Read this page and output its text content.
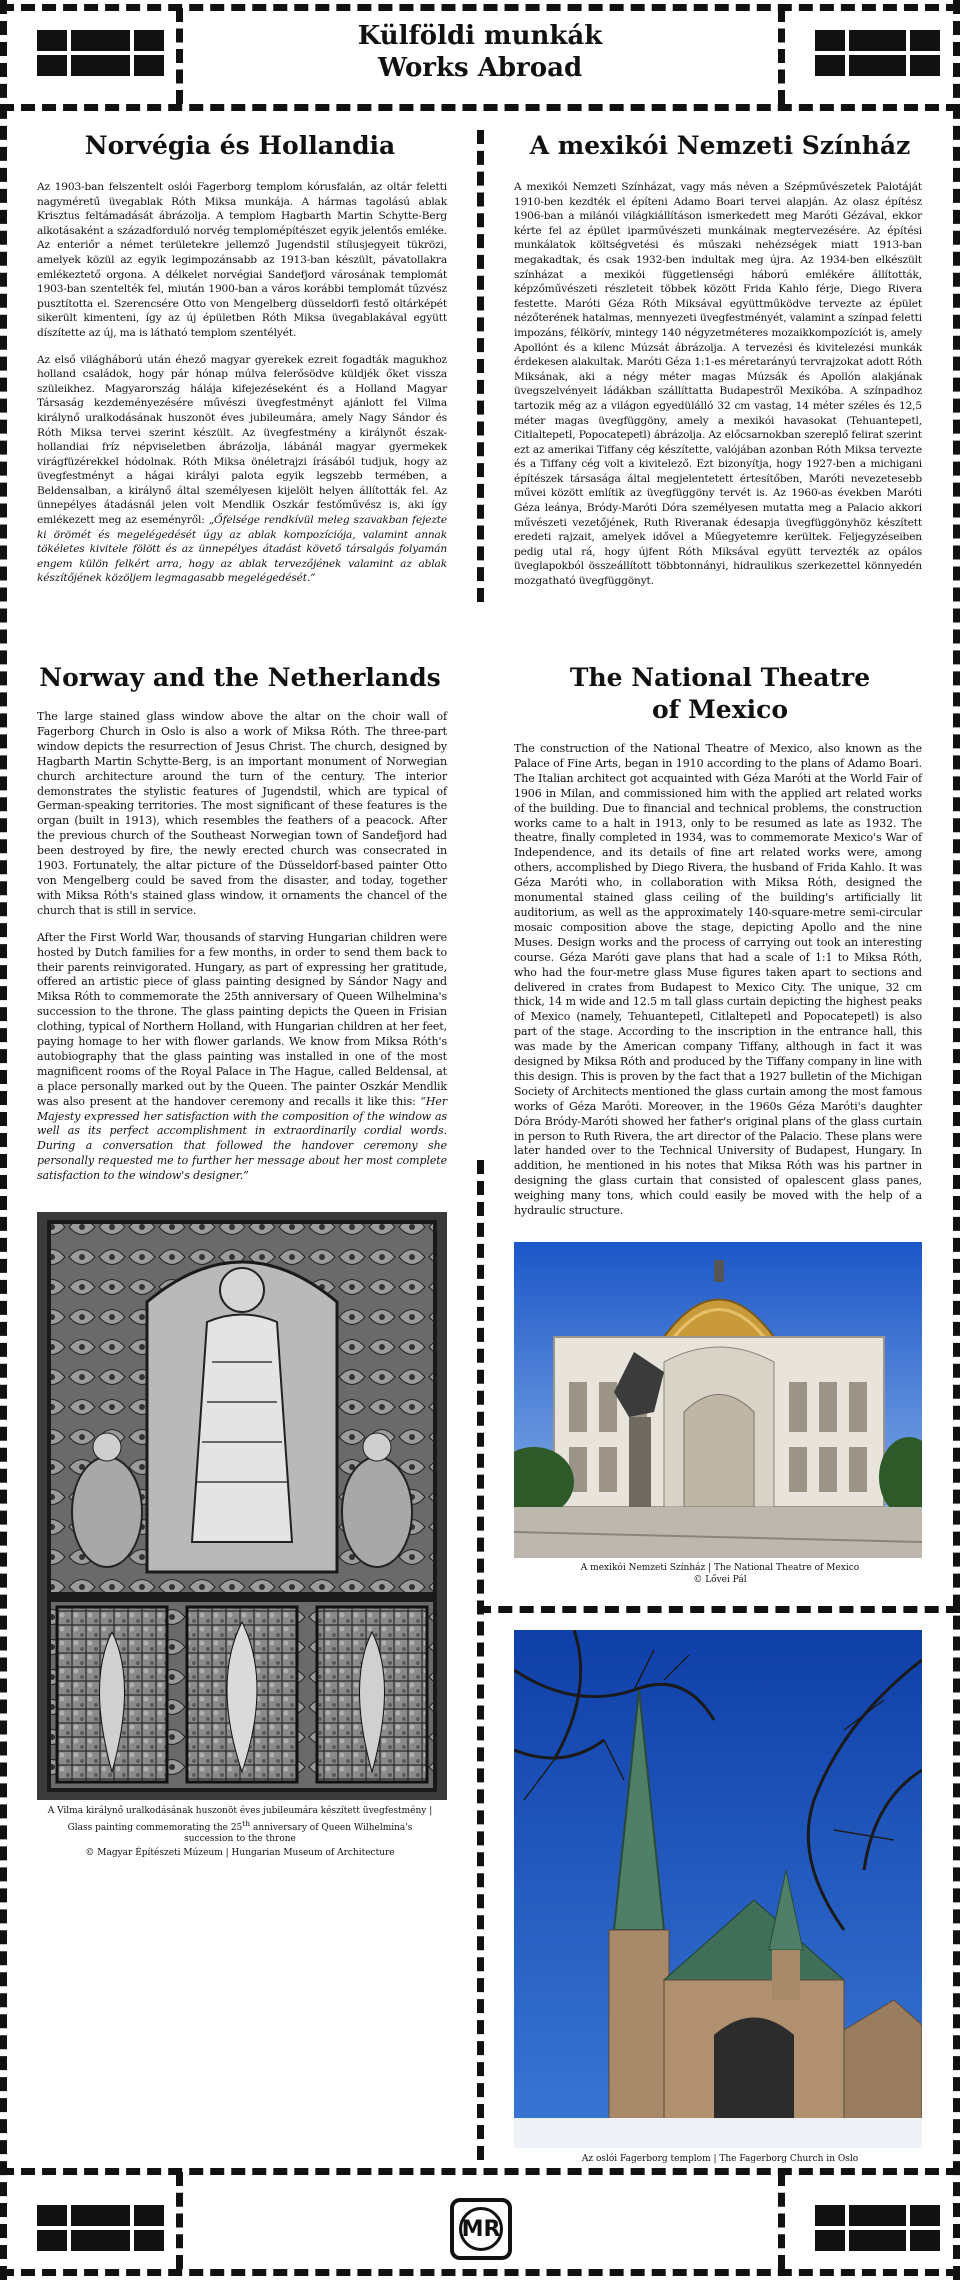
Külföldi munkák
Works Abroad
Norvégia és Hollandia

Az 1903-ban felszentelt oslói Fagerborg templom kórusfalán, az oltár feletti nagyméretű üvegablak Róth Miksa munkája. A hármas tagolású ablak Krisztus feltámadását ábrázolja. A templom Hagbarth Martin Schytte-Berg alkotásaként a századforduló norvég templomépítészet egyik jelentős emléke. Az enteriőr a német területekre jellemző Jugendstil stílusjegyeit tükrözi, amelyek közül az egyik legimpozánsabb az 1913-ban készült, pávatollakra emlékeztető orgona. A délkelet norvégiai Sandefjord városának templomát 1903-ban szentelték fel, miután 1900-ban a város korábbi templomát tűzvész pusztította el. Szerencsére Otto von Mengelberg düsseldorfi festő oltárképét sikerült kimenteni, így az új épületben Róth Miksa üvegablakával együtt díszítette az új, ma is látható templom szentélyét.

Az első világháború után éhező magyar gyerekek ezreit fogadták magukhoz holland családok, hogy pár hónap múlva felerősödve küldjék őket vissza szüleikhez. Magyarország hálája kifejezéseként és a Holland Magyar Társaság kezdeményezésére művészi üvegfestményt ajánlott fel Vilma királynő uralkodásának huszonöt éves jubileumára, amely Nagy Sándor és Róth Miksa tervei szerint készült. Az üvegfestmény a királynőt észak-hollandiai fríz népviseletben ábrázolja, lábánál magyar gyermekek virágfüzérekkel hódolnak. Róth Miksa önéletrajzi írásából tudjuk, hogy az üvegfestményt a hágai királyi palota egyik legszebb termében, a Beldensalban, a királynő által személyesen kijelölt helyen állították fel. Az ünnepélyes átadásnál jelen volt Mendlik Oszkár festőművész is, aki így emlékezett meg az eseményről: „Őfelsége rendkívül meleg szavakban fejezte ki örömét és megelégedését úgy az ablak kompozíciója, valamint annak tökéletes kivitele fölött és az ünnepélyes átadást követő társalgás folyamán engem külön felkért arra, hogy az ablak tervezőjének valamint az ablak készítőjének közöljem legmagasabb megelégedését.”

A mexikói Nemzeti Színház

A mexikói Nemzeti Színházat, vagy más néven a Szépművészetek Palotáját 1910-ben kezdték el építeni Adamo Boari tervei alapján. Az olasz építész 1906-ban a milánói világkiállításon ismerkedett meg Maróti Gézával, ekkor kérte fel az épület iparművészeti munkáinak megtervezésére. Az építési munkálatok költségvetési és műszaki nehézségek miatt 1913-ban megakadtak, és csak 1932-ben indultak meg újra. Az 1934-ben elkészült színházat a mexikói függetlenségi háború emlékére állították, képzőművészeti részleteit többek között Frida Kahlo férje, Diego Rivera festette. Maróti Géza Róth Miksával együttműködve tervezte az épület nézőterének hatalmas, mennyezeti üvegfestményét, valamint a színpad feletti impozáns, félkörív, mintegy 140 négyzetméteres mozaikkompozíciót is, amely Apollónt és a kilenc Múzsát ábrázolja. A tervezési és kivitelezési munkák érdekesen alakultak. Maróti Géza 1:1-es méretarányú tervrajzokat adott Róth Miksának, aki a négy méter magas Múzsák és Apollón alakjának üvegszelvényeit ládákban szállíttatta Budapestről Mexikóba. A színpadhoz tartozik még az a világon egyedülálló 32 cm vastag, 14 méter széles és 12,5 méter magas üvegfüggöny, amely a mexikói havasokat (Tehuantepetl, Citlaltepetl, Popocatepetl) ábrázolja. Az előcsarnokban szereplő felirat szerint ezt az amerikai Tiffany cég készítette, valójában azonban Róth Miksa tervezte és a Tiffany cég volt a kivitelező. Ezt bizonyítja, hogy 1927-ben a michigani építészek társasága által megjelentetett értesítőben, Maróti nevezetesebb művei között említik az üvegfüggöny tervét is. Az 1960-as években Maróti Géza leánya, Bródy-Maróti Dóra személyesen mutatta meg a Palacio akkori művészeti vezetőjének, Ruth Riveranak édesapja üvegfüggönyhöz készített eredeti rajzait, amelyek idővel a Műegyetemre kerültek. Feljegyzéseiben pedig utal rá, hogy újfent Róth Miksával együtt tervezték az opálos üveglapokból összeállított többtonnányi, hidraulikus szerkezettel könnyedén mozgatható üvegfüggönyt.

Norway and the Netherlands

The large stained glass window above the altar on the choir wall of Fagerborg Church in Oslo is also a work of Miksa Róth. The three-part window depicts the resurrection of Jesus Christ. The church, designed by Hagbarth Martin Schytte-Berg, is an important monument of Norwegian church architecture around the turn of the century. The interior demonstrates the stylistic features of Jugendstil, which are typical of German-speaking territories. The most significant of these features is the organ (built in 1913), which resembles the feathers of a peacock. After the previous church of the Southeast Norwegian town of Sandefjord had been destroyed by fire, the newly erected church was consecrated in 1903. Fortunately, the altar picture of the Düsseldorf-based painter Otto von Mengelberg could be saved from the disaster, and today, together with Miksa Róth's stained glass window, it ornaments the chancel of the church that is still in service.

After the First World War, thousands of starving Hungarian children were hosted by Dutch families for a few months, in order to send them back to their parents reinvigorated. Hungary, as part of expressing her gratitude, offered an artistic piece of glass painting designed by Sándor Nagy and Miksa Róth to commemorate the 25th anniversary of Queen Wilhelmina's succession to the throne. The glass painting depicts the Queen in Frisian clothing, typical of Northern Holland, with Hungarian children at her feet, paying homage to her with flower garlands. We know from Miksa Róth's autobiography that the glass painting was installed in one of the most magnificent rooms of the Royal Palace in The Hague, called Beldensal, at a place personally marked out by the Queen. The painter Oszkár Mendlik was also present at the handover ceremony and recalls it like this: “Her Majesty expressed her satisfaction with the composition of the window as well as its perfect accomplishment in extraordinarily cordial words. During a conversation that followed the handover ceremony she personally requested me to further her message about her most complete satisfaction to the window's designer.”

The National Theatre
of Mexico

The construction of the National Theatre of Mexico, also known as the Palace of Fine Arts, began in 1910 according to the plans of Adamo Boari. The Italian architect got acquainted with Géza Maróti at the World Fair of 1906 in Milan, and commissioned him with the applied art related works of the building. Due to financial and technical problems, the construction works came to a halt in 1913, only to be resumed as late as 1932. The theatre, finally completed in 1934, was to commemorate Mexico's War of Independence, and its details of fine art related works were, among others, accomplished by Diego Rivera, the husband of Frida Kahlo. It was Géza Maróti who, in collaboration with Miksa Róth, designed the monumental stained glass ceiling of the building's artificially lit auditorium, as well as the approximately 140-square-metre semi-circular mosaic composition above the stage, depicting Apollo and the nine Muses. Design works and the process of carrying out took an interesting course. Géza Maróti gave plans that had a scale of 1:1 to Miksa Róth, who had the four-metre glass Muse figures taken apart to sections and delivered in crates from Budapest to Mexico City. The unique, 32 cm thick, 14 m wide and 12.5 m tall glass curtain depicting the highest peaks of Mexico (namely, Tehuantepetl, Citlaltepetl and Popocatepetl) is also part of the stage. According to the inscription in the entrance hall, this was made by the American company Tiffany, although in fact it was designed by Miksa Róth and produced by the Tiffany company in line with this design. This is proven by the fact that a 1927 bulletin of the Michigan Society of Architects mentioned the glass curtain among the most famous works of Géza Maróti. Moreover, in the 1960s Géza Maróti's daughter Dóra Bródy-Maróti showed her father's original plans of the glass curtain in person to Ruth Rivera, the art director of the Palacio. These plans were later handed over to the Technical University of Budapest, Hungary. In addition, he mentioned in his notes that Miksa Róth was his partner in designing the glass curtain that consisted of opalescent glass panes, weighing many tons, which could easily be moved with the help of a hydraulic structure.

A Vilma királynő uralkodásának huszonöt éves jubileumára készített üvegfestmény |
Glass painting commemorating the 25th anniversary of Queen Wilhelmina's
succession to the throne
© Magyar Építészeti Múzeum | Hungarian Museum of Architecture
A mexikói Nemzeti Színház | The National Theatre of Mexico
© Lővei Pál
Az oslói Fagerborg templom | The Fagerborg Church in Oslo
MR
